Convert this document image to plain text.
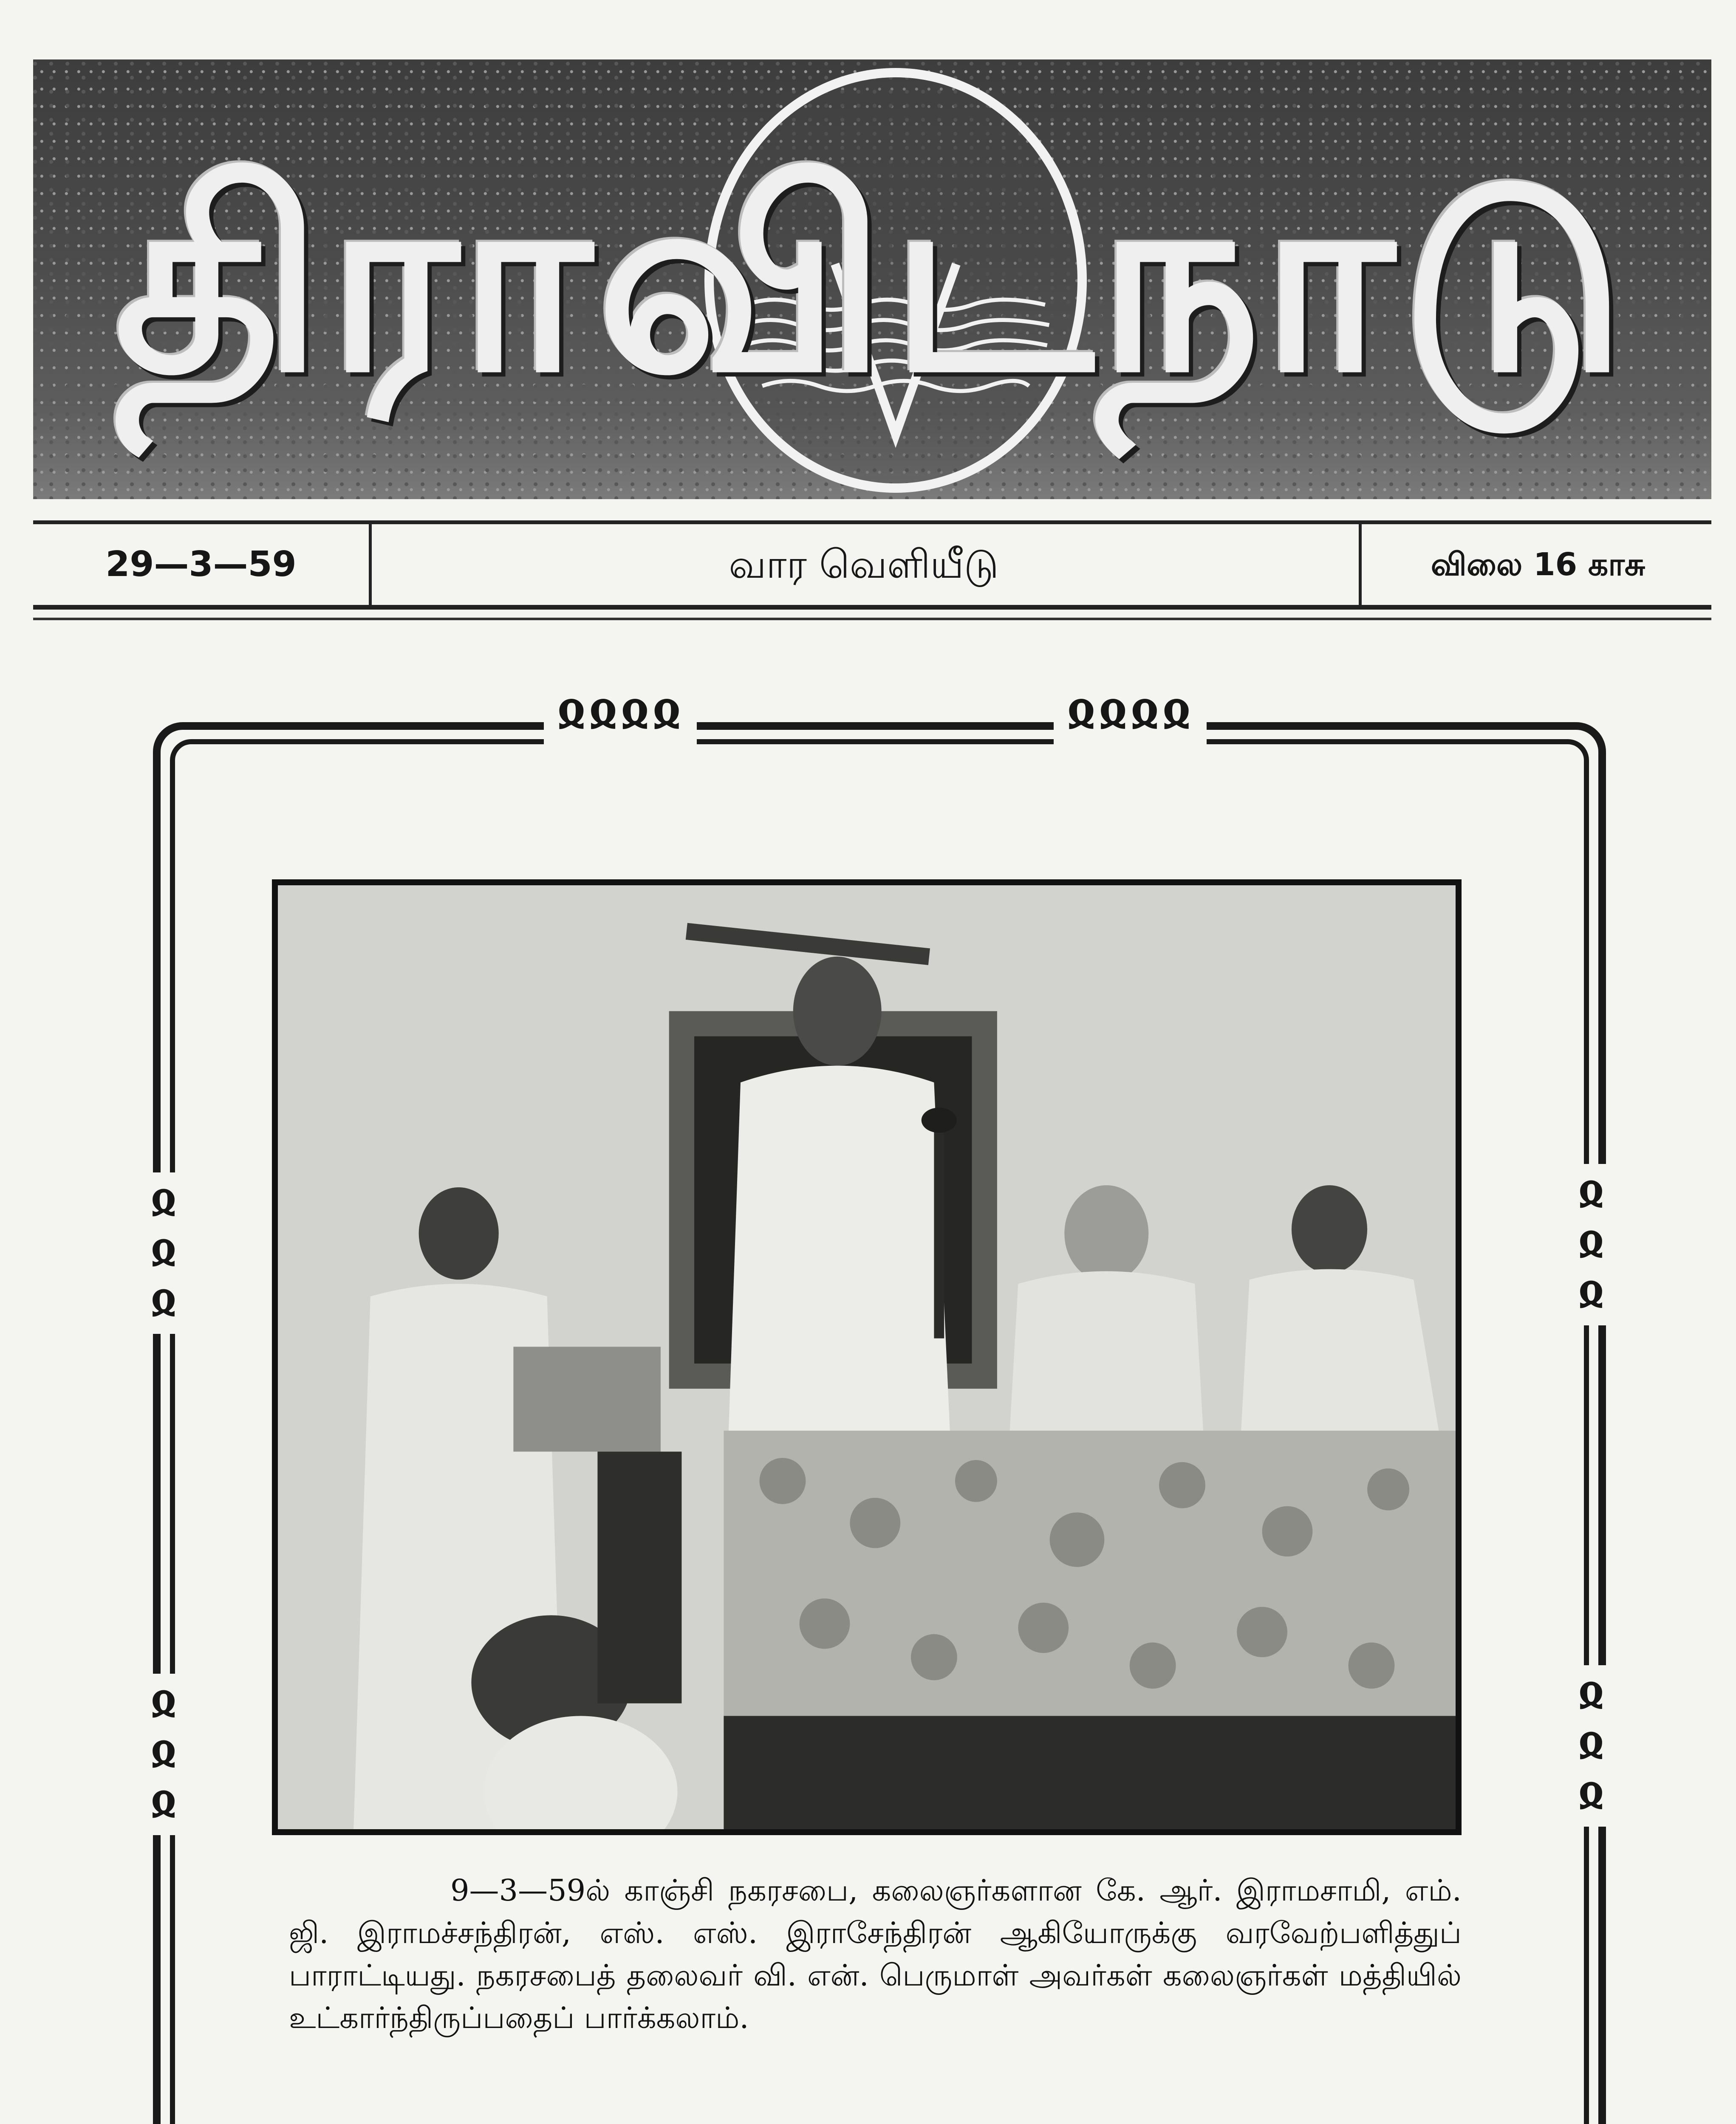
திராவிடநாடு
29—3—59	வார வெளியீடு	விலை 16 காசு
ჲჲჲჲ	ჲჲჲჲ
ჲ
ჲ
ჲ
ჲ
ჲ
ჲ
ჲ
ჲ
ჲ
ჲ
ჲ
ჲ
9—3—59ல் காஞ்சி நகரசபை, கலைஞர்களான கே. ஆர். இராமசாமி, எம். ஜி. இராமச்சந்திரன், எஸ். எஸ். இராசேந்திரன் ஆகியோருக்கு வரவேற்பளித்துப் பாராட்டியது. நகரசபைத் தலைவர் வி. என். பெருமாள் அவர்கள் கலைஞர்கள் மத்தியில் உட்கார்ந்திருப்பதைப் பார்க்கலாம்.
